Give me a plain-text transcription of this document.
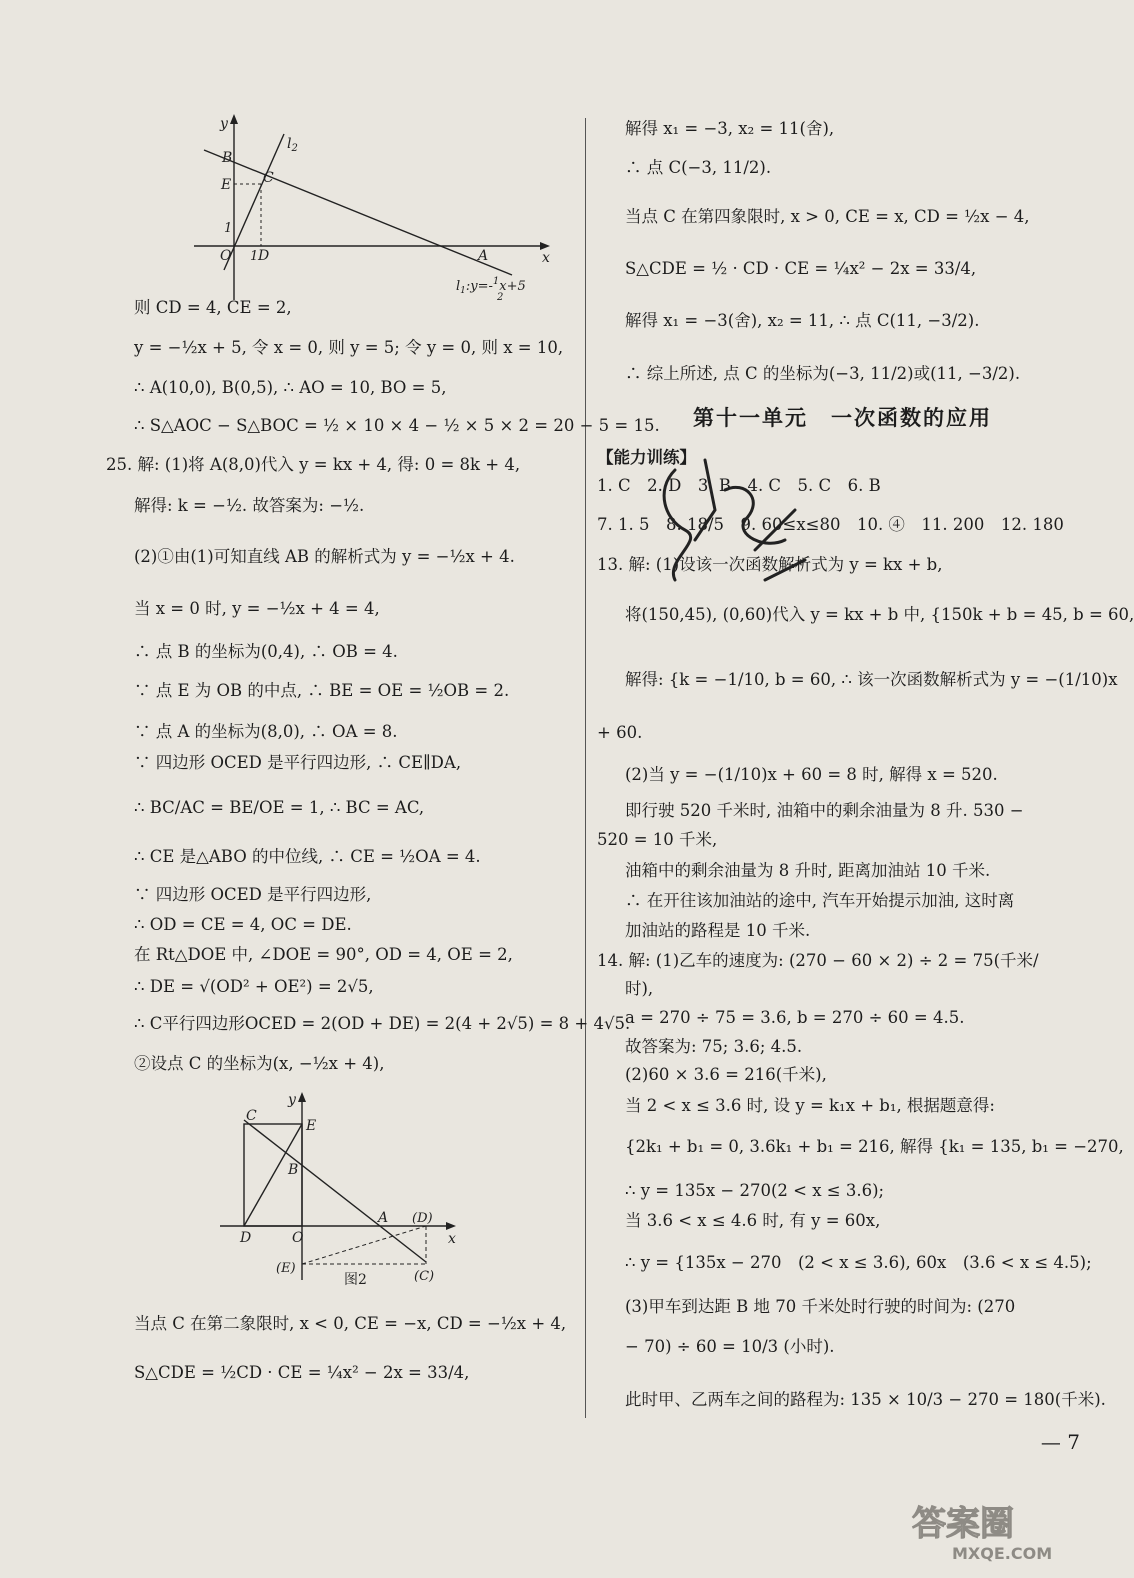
y
x
$l_2$
B
E C
O D	A
1
1
$l_1:y=-^1x+5$
2
则 CD = 4, CE = 2,
y = −½x + 5, 令 x = 0, 则 y = 5; 令 y = 0, 则 x = 10,
∴ A(10,0), B(0,5), ∴ AO = 10, BO = 5,
∴ S△AOC − S△BOC = ½ × 10 × 4 − ½ × 5 × 2 = 20 − 5 = 15.
25. 解: (1)将 A(8,0)代入 y = kx + 4, 得: 0 = 8k + 4,
解得: k = −½. 故答案为: −½.
(2)①由(1)可知直线 AB 的解析式为 y = −½x + 4.
当 x = 0 时, y = −½x + 4 = 4,
∴ 点 B 的坐标为(0,4), ∴ OB = 4.
∵ 点 E 为 OB 的中点, ∴ BE = OE = ½OB = 2.
∵ 点 A 的坐标为(8,0), ∴ OA = 8.
∵ 四边形 OCED 是平行四边形, ∴ CE∥DA,
∴ BC/AC = BE/OE = 1, ∴ BC = AC,
∴ CE 是△ABO 的中位线, ∴ CE = ½OA = 4.
∵ 四边形 OCED 是平行四边形,
∴ OD = CE = 4, OC = DE.
在 Rt△DOE 中, ∠DOE = 90°, OD = 4, OE = 2,
∴ DE = √(OD² + OE²) = 2√5,
∴ C平行四边形OCED = 2(OD + DE) = 2(4 + 2√5) = 8 + 4√5.
②设点 C 的坐标为(x, −½x + 4),
y
x
C
E
B
A (D)
D	O
(E)
(C)
图2
当点 C 在第二象限时, x < 0, CE = −x, CD = −½x + 4,
S△CDE = ½CD · CE = ¼x² − 2x = 33/4,
解得 x₁ = −3, x₂ = 11(舍),
∴ 点 C(−3, 11/2).
当点 C 在第四象限时, x > 0, CE = x, CD = ½x − 4,
S△CDE = ½ · CD · CE = ¼x² − 2x = 33/4,
解得 x₁ = −3(舍), x₂ = 11, ∴ 点 C(11, −3/2).
∴ 综上所述, 点 C 的坐标为(−3, 11/2)或(11, −3/2).
第十一单元　一次函数的应用
【能力训练】
1. C　2. D　3. B　4. C　5. C　6. B
7. 1. 5　8. 18/5　9. 60≤x≤80　10. ④　11. 200　12. 180
13. 解: (1)设该一次函数解析式为 y = kx + b,
将(150,45), (0,60)代入 y = kx + b 中, {150k + b = 45, b = 60,
解得: {k = −1/10, b = 60, ∴ 该一次函数解析式为 y = −(1/10)x
+ 60.
(2)当 y = −(1/10)x + 60 = 8 时, 解得 x = 520.
即行驶 520 千米时, 油箱中的剩余油量为 8 升. 530 −
520 = 10 千米,
油箱中的剩余油量为 8 升时, 距离加油站 10 千米.
∴ 在开往该加油站的途中, 汽车开始提示加油, 这时离
加油站的路程是 10 千米.
14. 解: (1)乙车的速度为: (270 − 60 × 2) ÷ 2 = 75(千米/
时),
a = 270 ÷ 75 = 3.6, b = 270 ÷ 60 = 4.5.
故答案为: 75; 3.6; 4.5.
(2)60 × 3.6 = 216(千米),
当 2 < x ≤ 3.6 时, 设 y = k₁x + b₁, 根据题意得:
{2k₁ + b₁ = 0, 3.6k₁ + b₁ = 216, 解得 {k₁ = 135, b₁ = −270,
∴ y = 135x − 270(2 < x ≤ 3.6);
当 3.6 < x ≤ 4.6 时, 有 y = 60x,
∴ y = {135x − 270　(2 < x ≤ 3.6), 60x　(3.6 < x ≤ 4.5);
(3)甲车到达距 B 地 70 千米处时行驶的时间为: (270
− 70) ÷ 60 = 10/3 (小时).
此时甲、乙两车之间的路程为: 135 × 10/3 − 270 = 180(千米).
— 7
答案圈
MXQE.COM
